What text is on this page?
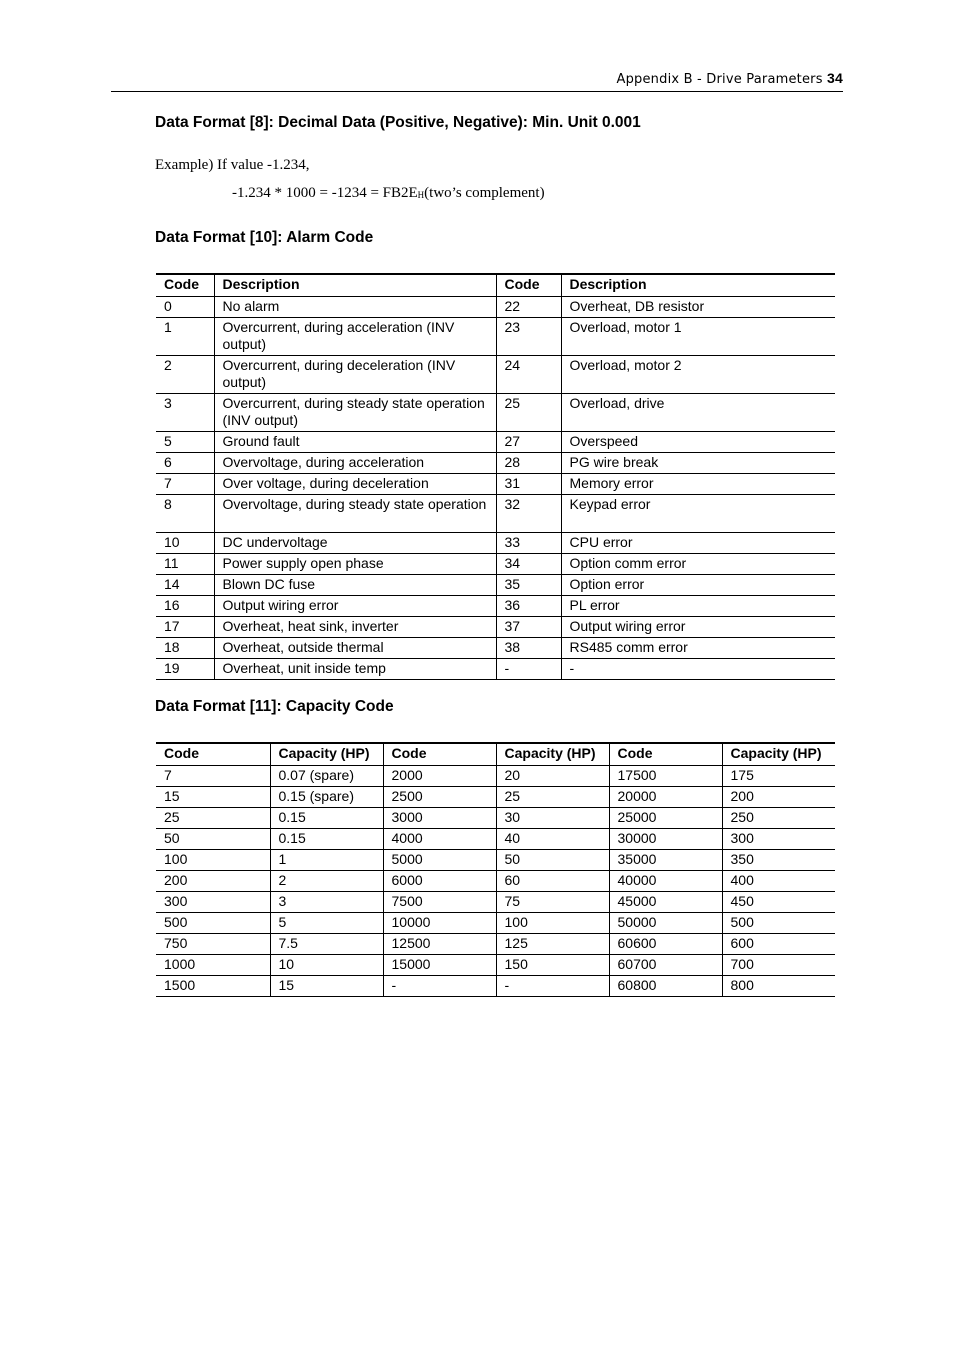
Appendix B - Drive Parameters 34
Data Format [8]: Decimal Data (Positive, Negative): Min. Unit 0.001

Example) If value -1.234,

$-1.234 * 1000 = -1234 = FB2E_H(two’s$ complement)

Data Format [10]: Alarm Code
Code	Description	Code	Description
0	No alarm	22	Overheat, DB resistor
1	Overcurrent, during acceleration (INV output)	23	Overload, motor 1
2	Overcurrent, during deceleration (INV output)	24	Overload, motor 2
3	Overcurrent, during steady state operation (INV output)	25	Overload, drive
5	Ground fault	27	Overspeed
6	Overvoltage, during acceleration	28	PG wire break
7	Over voltage, during deceleration	31	Memory error
8	Overvoltage, during steady state operation	32	Keypad error
10	DC undervoltage	33	CPU error
11	Power supply open phase	34	Option comm error
14	Blown DC fuse	35	Option error
16	Output wiring error	36	PL error
17	Overheat, heat sink, inverter	37	Output wiring error
18	Overheat, outside thermal	38	RS485 comm error
19	Overheat, unit inside temp	-	-
Data Format [11]: Capacity Code
Code	Capacity (HP)	Code	Capacity (HP)	Code	Capacity (HP)
7	0.07 (spare)	2000	20	17500	175
15	0.15 (spare)	2500	25	20000	200
25	0.15	3000	30	25000	250
50	0.15	4000	40	30000	300
100	1	5000	50	35000	350
200	2	6000	60	40000	400
300	3	7500	75	45000	450
500	5	10000	100	50000	500
750	7.5	12500	125	60600	600
1000	10	15000	150	60700	700
1500	15	-	-	60800	800
